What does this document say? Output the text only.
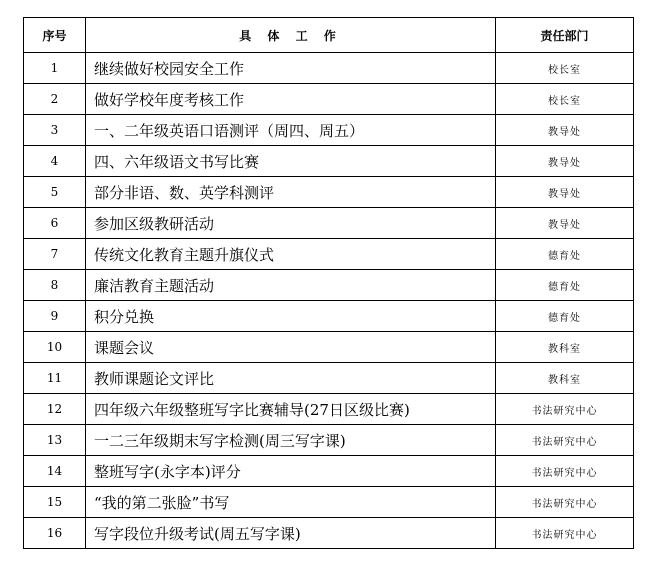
序号	具 体 工 作	责任部门
1	继续做好校园安全工作	校长室
2	做好学校年度考核工作	校长室
3	一、二年级英语口语测评（周四、周五）	教导处
4	四、六年级语文书写比赛	教导处
5	部分非语、数、英学科测评	教导处
6	参加区级教研活动	教导处
7	传统文化教育主题升旗仪式	德育处
8	廉洁教育主题活动	德育处
9	积分兑换	德育处
10	课题会议	教科室
11	教师课题论文评比	教科室
12	四年级六年级整班写字比赛辅导(27日区级比赛)	书法研究中心
13	一二三年级期末写字检测(周三写字课)	书法研究中心
14	整班写字(永字本)评分	书法研究中心
15	“我的第二张脸”书写	书法研究中心
16	写字段位升级考试(周五写字课)	书法研究中心
